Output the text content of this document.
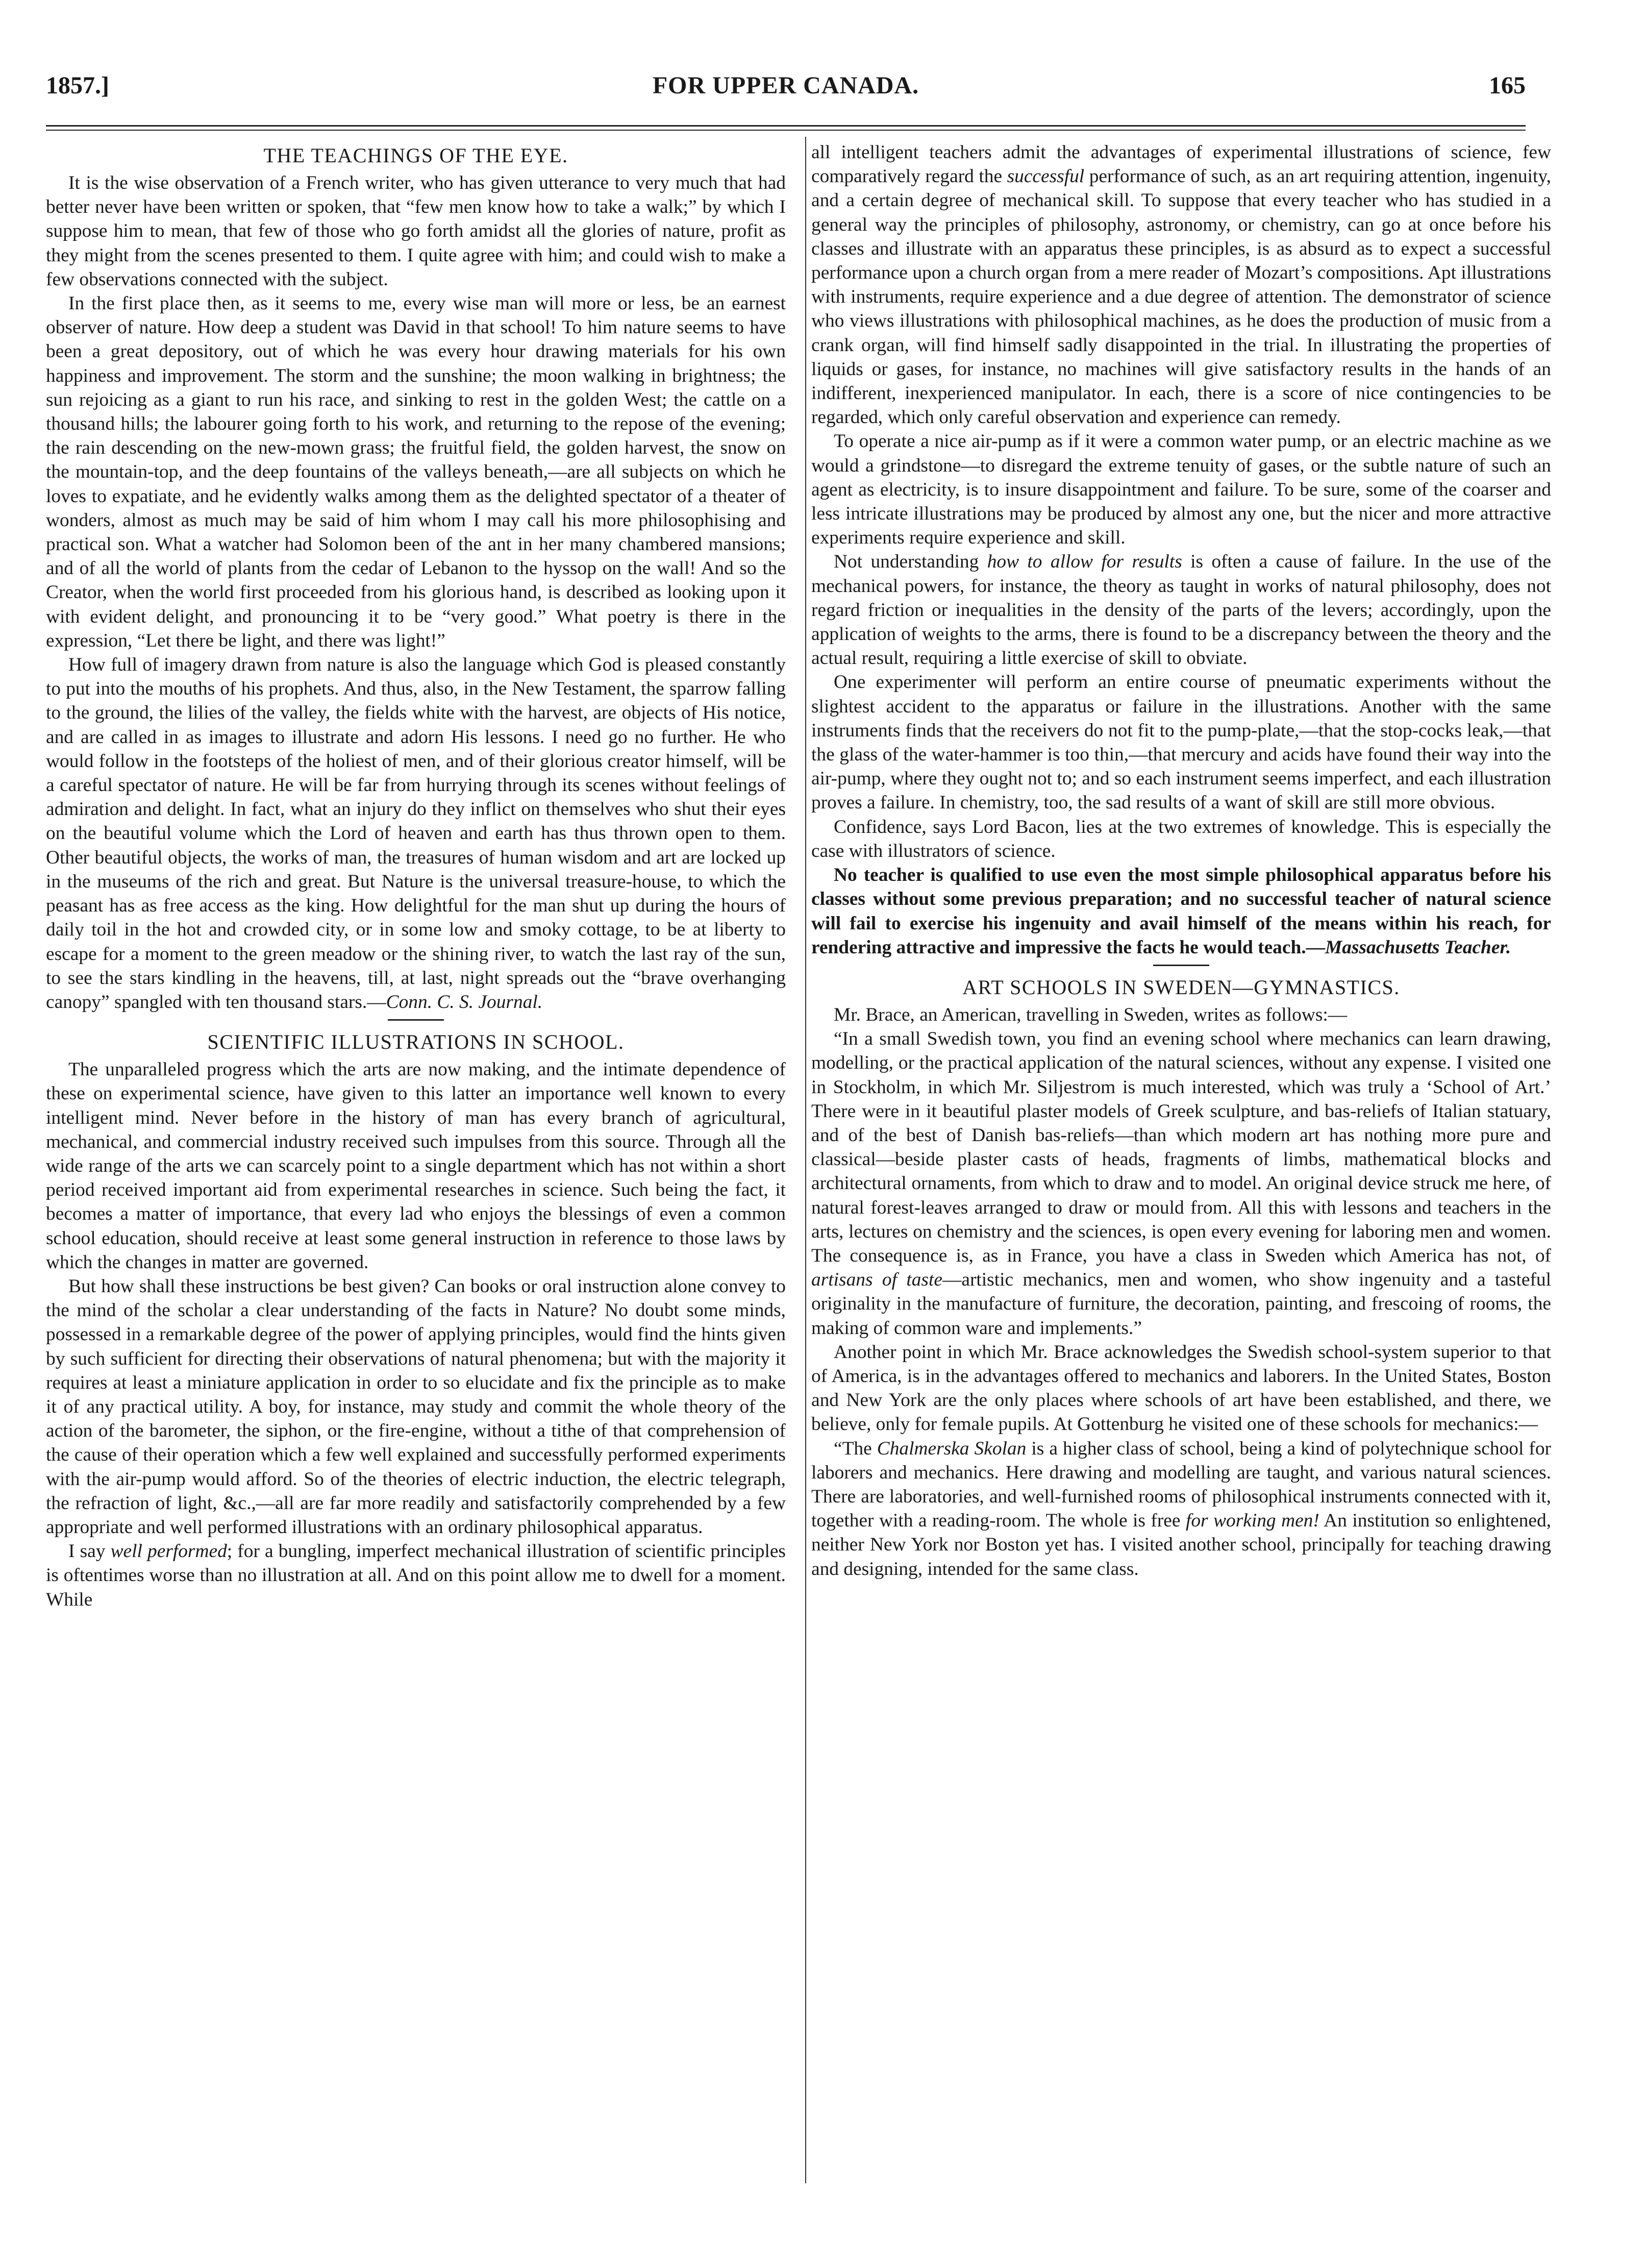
1857.]	FOR UPPER CANADA.	165
THE TEACHINGS OF THE EYE.

It is the wise observation of a French writer, who has given utterance to very much that had better never have been written or spoken, that “few men know how to take a walk;” by which I suppose him to mean, that few of those who go forth amidst all the glories of nature, profit as they might from the scenes presented to them. I quite agree with him; and could wish to make a few observations connected with the subject.

In the first place then, as it seems to me, every wise man will more or less, be an earnest observer of nature. How deep a student was David in that school! To him nature seems to have been a great depository, out of which he was every hour drawing materials for his own happiness and improvement. The storm and the sunshine; the moon walking in brightness; the sun rejoicing as a giant to run his race, and sinking to rest in the golden West; the cattle on a thousand hills; the labourer going forth to his work, and returning to the repose of the evening; the rain descending on the new-mown grass; the fruitful field, the golden harvest, the snow on the mountain-top, and the deep fountains of the valleys beneath,—are all subjects on which he loves to expatiate, and he evidently walks among them as the delighted spectator of a theater of wonders, almost as much may be said of him whom I may call his more philosophising and practical son. What a watcher had Solomon been of the ant in her many chambered mansions; and of all the world of plants from the cedar of Lebanon to the hyssop on the wall! And so the Creator, when the world first proceeded from his glorious hand, is described as looking upon it with evident delight, and pronouncing it to be “very good.” What poetry is there in the expression, “Let there be light, and there was light!”

How full of imagery drawn from nature is also the language which God is pleased constantly to put into the mouths of his prophets. And thus, also, in the New Testament, the sparrow falling to the ground, the lilies of the valley, the fields white with the harvest, are objects of His notice, and are called in as images to illustrate and adorn His lessons. I need go no further. He who would follow in the footsteps of the holiest of men, and of their glorious creator himself, will be a careful spectator of nature. He will be far from hurrying through its scenes without feelings of admiration and delight. In fact, what an injury do they inflict on themselves who shut their eyes on the beautiful volume which the Lord of heaven and earth has thus thrown open to them. Other beautiful objects, the works of man, the treasures of human wisdom and art are locked up in the museums of the rich and great. But Nature is the universal treasure-house, to which the peasant has as free access as the king. How delightful for the man shut up during the hours of daily toil in the hot and crowded city, or in some low and smoky cottage, to be at liberty to escape for a moment to the green meadow or the shining river, to watch the last ray of the sun, to see the stars kindling in the heavens, till, at last, night spreads out the “brave overhanging canopy” spangled with ten thousand stars.—Conn. C. S. Journal.

SCIENTIFIC ILLUSTRATIONS IN SCHOOL.

The unparalleled progress which the arts are now making, and the intimate dependence of these on experimental science, have given to this latter an importance well known to every intelligent mind. Never before in the history of man has every branch of agricultural, mechanical, and commercial industry received such impulses from this source. Through all the wide range of the arts we can scarcely point to a single department which has not within a short period received important aid from experimental researches in science. Such being the fact, it becomes a matter of importance, that every lad who enjoys the blessings of even a common school education, should receive at least some general instruction in reference to those laws by which the changes in matter are governed.

But how shall these instructions be best given? Can books or oral instruction alone convey to the mind of the scholar a clear understanding of the facts in Nature? No doubt some minds, possessed in a remarkable degree of the power of applying principles, would find the hints given by such sufficient for directing their observations of natural phenomena; but with the majority it requires at least a miniature application in order to so elucidate and fix the principle as to make it of any practical utility. A boy, for instance, may study and commit the whole theory of the action of the barometer, the siphon, or the fire-engine, without a tithe of that comprehension of the cause of their operation which a few well explained and successfully performed experiments with the air-pump would afford. So of the theories of electric induction, the electric telegraph, the refraction of light, &c.,—all are far more readily and satisfactorily comprehended by a few appropriate and well performed illustrations with an ordinary philosophical apparatus.

I say well performed; for a bungling, imperfect mechanical illustration of scientific principles is oftentimes worse than no illustration at all. And on this point allow me to dwell for a moment. While

all intelligent teachers admit the advantages of experimental illustrations of science, few comparatively regard the successful performance of such, as an art requiring attention, ingenuity, and a certain degree of mechanical skill. To suppose that every teacher who has studied in a general way the principles of philosophy, astronomy, or chemistry, can go at once before his classes and illustrate with an apparatus these principles, is as absurd as to expect a successful performance upon a church organ from a mere reader of Mozart’s compositions. Apt illustrations with instruments, require experience and a due degree of attention. The demonstrator of science who views illustrations with philosophical machines, as he does the production of music from a crank organ, will find himself sadly disappointed in the trial. In illustrating the properties of liquids or gases, for instance, no machines will give satisfactory results in the hands of an indifferent, inexperienced manipulator. In each, there is a score of nice contingencies to be regarded, which only careful observation and experience can remedy.

To operate a nice air-pump as if it were a common water pump, or an electric machine as we would a grindstone—to disregard the extreme tenuity of gases, or the subtle nature of such an agent as electricity, is to insure disappointment and failure. To be sure, some of the coarser and less intricate illustrations may be produced by almost any one, but the nicer and more attractive experiments require experience and skill.

Not understanding how to allow for results is often a cause of failure. In the use of the mechanical powers, for instance, the theory as taught in works of natural philosophy, does not regard friction or inequalities in the density of the parts of the levers; accordingly, upon the application of weights to the arms, there is found to be a discrepancy between the theory and the actual result, requiring a little exercise of skill to obviate.

One experimenter will perform an entire course of pneumatic experiments without the slightest accident to the apparatus or failure in the illustrations. Another with the same instruments finds that the receivers do not fit to the pump-plate,—that the stop-cocks leak,—that the glass of the water-hammer is too thin,—that mercury and acids have found their way into the air-pump, where they ought not to; and so each instrument seems imperfect, and each illustration proves a failure. In chemistry, too, the sad results of a want of skill are still more obvious.

Confidence, says Lord Bacon, lies at the two extremes of knowledge. This is especially the case with illustrators of science.

No teacher is qualified to use even the most simple philosophical apparatus before his classes without some previous preparation; and no successful teacher of natural science will fail to exercise his ingenuity and avail himself of the means within his reach, for rendering attractive and impressive the facts he would teach.—Massachusetts Teacher.

ART SCHOOLS IN SWEDEN—GYMNASTICS.

Mr. Brace, an American, travelling in Sweden, writes as follows:—

“In a small Swedish town, you find an evening school where mechanics can learn drawing, modelling, or the practical application of the natural sciences, without any expense. I visited one in Stockholm, in which Mr. Siljestrom is much interested, which was truly a ‘School of Art.’ There were in it beautiful plaster models of Greek sculpture, and bas-reliefs of Italian statuary, and of the best of Danish bas-reliefs—than which modern art has nothing more pure and classical—beside plaster casts of heads, fragments of limbs, mathematical blocks and architectural ornaments, from which to draw and to model. An original device struck me here, of natural forest-leaves arranged to draw or mould from. All this with lessons and teachers in the arts, lectures on chemistry and the sciences, is open every evening for laboring men and women. The consequence is, as in France, you have a class in Sweden which America has not, of artisans of taste—artistic mechanics, men and women, who show ingenuity and a tasteful originality in the manufacture of furniture, the decoration, painting, and frescoing of rooms, the making of common ware and implements.”

Another point in which Mr. Brace acknowledges the Swedish school-system superior to that of America, is in the advantages offered to mechanics and laborers. In the United States, Boston and New York are the only places where schools of art have been established, and there, we believe, only for female pupils. At Gottenburg he visited one of these schools for mechanics:—

“The Chalmerska Skolan is a higher class of school, being a kind of polytechnique school for laborers and mechanics. Here drawing and modelling are taught, and various natural sciences. There are laboratories, and well-furnished rooms of philosophical instruments connected with it, together with a reading-room. The whole is free for working men! An institution so enlightened, neither New York nor Boston yet has. I visited another school, principally for teaching drawing and designing, intended for the same class.
